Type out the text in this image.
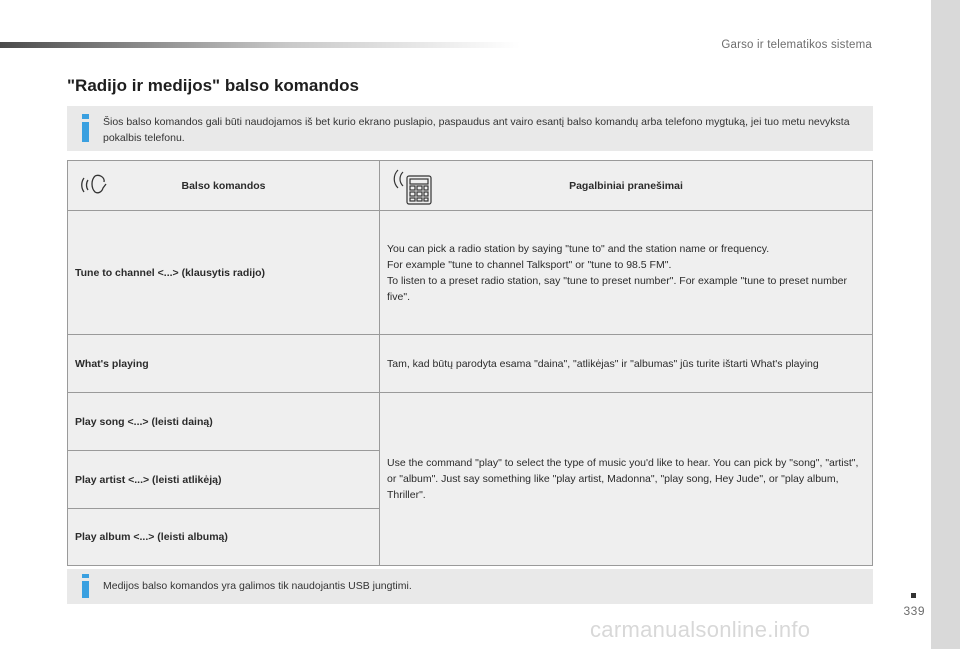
Garso ir telematikos sistema
"Radijo ir medijos" balso komandos
Šios balso komandos gali būti naudojamos iš bet kurio ekrano puslapio, paspaudus ant vairo esantį balso komandų arba telefono mygtuką, jei tuo metu nevyksta pokalbis telefonu.
Balso komandos	Pagalbiniai pranešimai

Tune to channel <...> (klausytis radijo)	You can pick a radio station by saying "tune to" and the station name or frequency.
For example "tune to channel Talksport" or "tune to 98.5 FM".
To listen to a preset radio station, say "tune to preset number". For example "tune to preset number five".

What's playing	Tam, kad būtų parodyta esama "daina", "atlikėjas" ir "albumas" jūs turite ištarti What's playing
Play song <...> (leisti dainą)	Use the command "play" to select the type of music you'd like to hear. You can pick by "song", "artist", or "album". Just say something like "play artist, Madonna", "play song, Hey Jude", or "play album, Thriller".
Play artist <...> (leisti atlikėją)	
Play album <...> (leisti albumą)	
Medijos balso komandos yra galimos tik naudojantis USB jungtimi.
339
carmanualsonline.info
